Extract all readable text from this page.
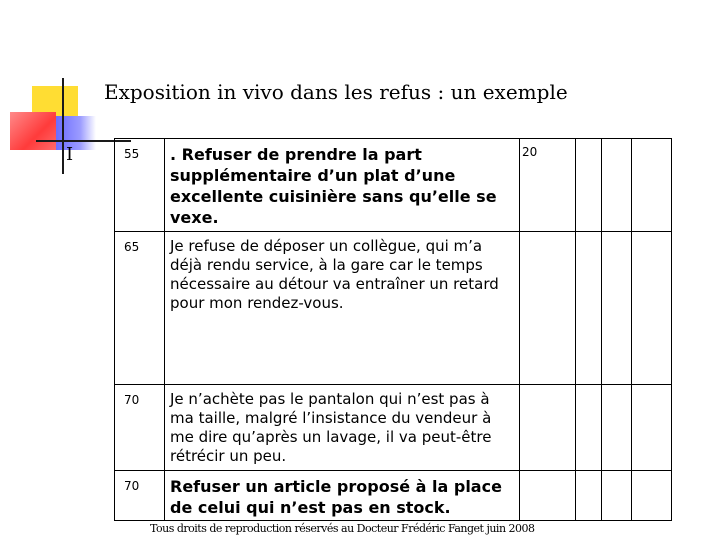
Exposition in vivo dans les refus : un exemple
I	55	. Refuser de prendre la part supplémentaire d’un plat d’une excellente cuisinière sans qu’elle se vexe.	20			
65	Je refuse de déposer un collègue, qui m’a déjà rendu service, à la gare car le temps nécessaire au détour va entraîner un retard pour mon rendez-vous.				
70	Je n’achète pas le pantalon qui n’est pas à ma taille, malgré l’insistance du vendeur à me dire qu’après un lavage, il va peut-être rétrécir un peu.				
70	Refuser un article proposé à la place de celui qui n’est pas en stock.				
Tous droits de reproduction réservés au Docteur Frédéric Fanget juin 2008
